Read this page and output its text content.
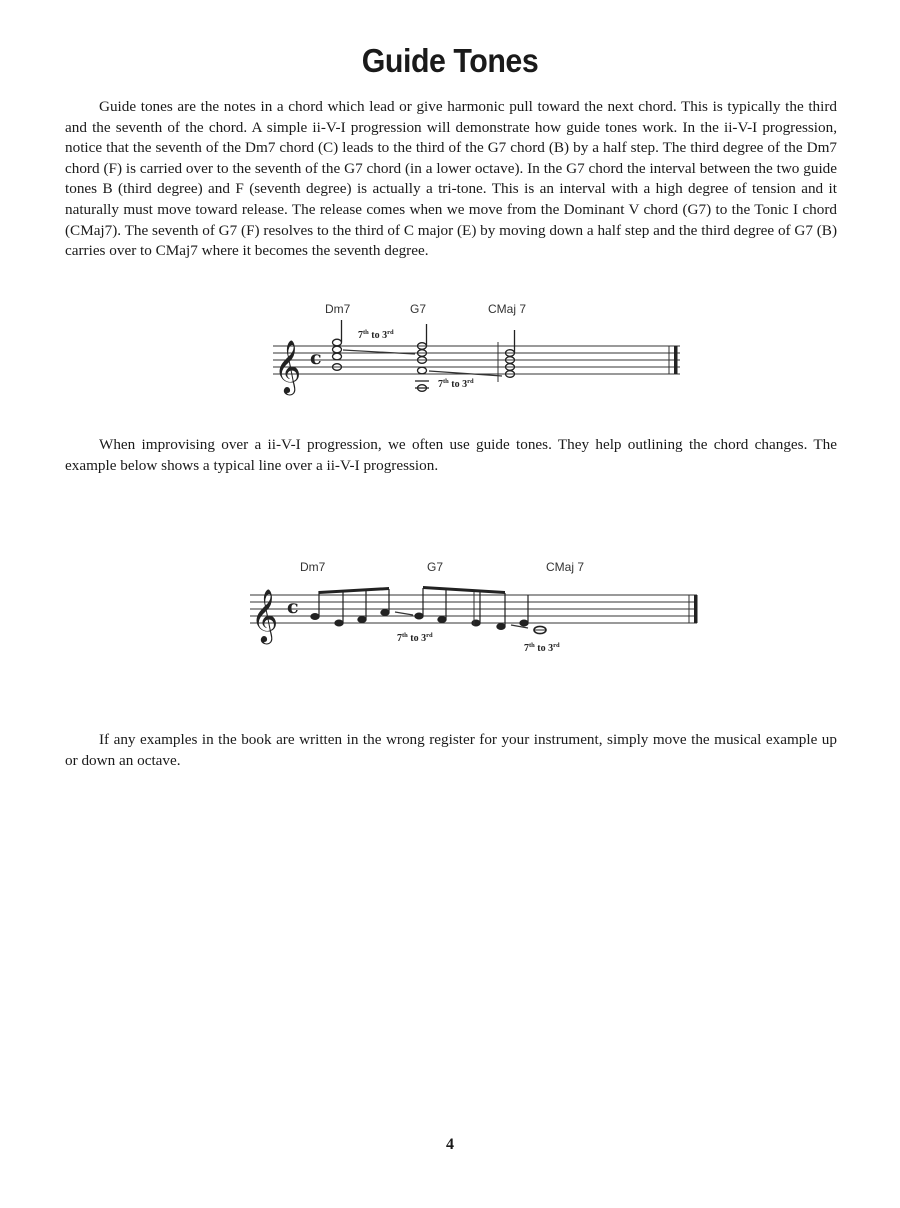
Guide Tones

Guide tones are the notes in a chord which lead or give harmonic pull toward the next chord. This is typically the third and the seventh of the chord. A simple ii-V-I progression will demonstrate how guide tones work. In the ii-V-I progression, notice that the seventh of the Dm7 chord (C) leads to the third of the G7 chord (B) by a half step. The third degree of the Dm7 chord (F) is carried over to the seventh of the G7 chord (in a lower octave). In the G7 chord the interval between the two guide tones B (third degree) and F (seventh degree) is actually a tri-tone. This is an interval with a high degree of tension and it naturally must move toward release. The release comes when we move from the Dominant V chord (G7) to the Tonic I chord (CMaj7). The seventh of G7 (F) resolves to the third of C major (E) by moving down a half step and the third degree of G7 (B) carries over to CMaj7 where it becomes the seventh degree.

Dm7	G7	CMaj 7
𝄞 c
7th to 3rd
7th to 3rd

When improvising over a ii-V-I progression, we often use guide tones. They help outlining the chord changes. The example below shows a typical line over a ii-V-I progression.

Dm7	G7	CMaj 7
𝄞 c
7th to 3rd
7th to 3rd

If any examples in the book are written in the wrong register for your instrument, simply move the musical example up or down an octave.

4
